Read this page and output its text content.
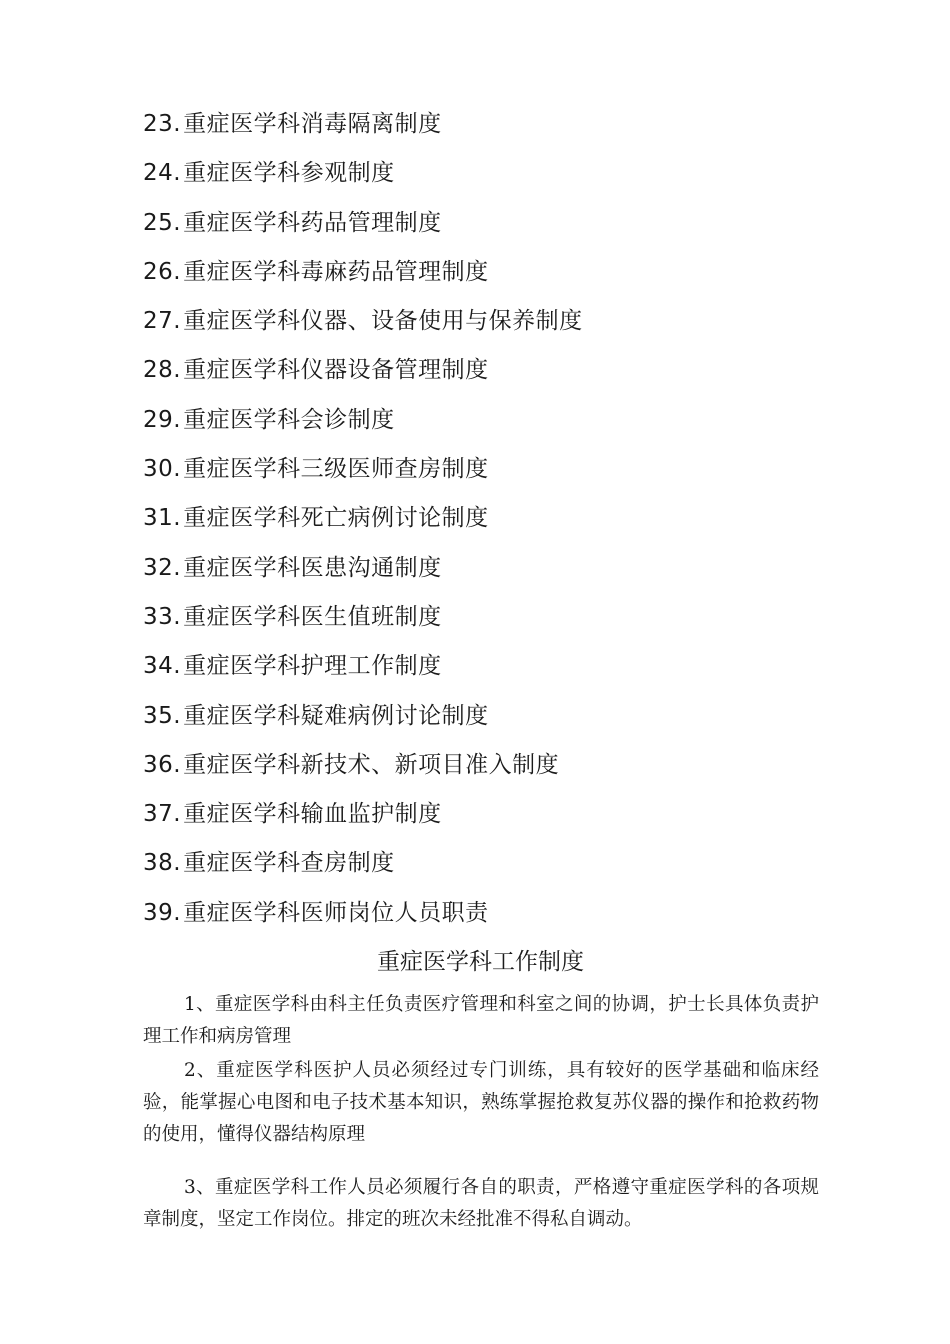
23.重症医学科消毒隔离制度
24.重症医学科参观制度
25.重症医学科药品管理制度
26.重症医学科毒麻药品管理制度
27.重症医学科仪器、设备使用与保养制度
28.重症医学科仪器设备管理制度
29.重症医学科会诊制度
30.重症医学科三级医师查房制度
31.重症医学科死亡病例讨论制度
32.重症医学科医患沟通制度
33.重症医学科医生值班制度
34.重症医学科护理工作制度
35.重症医学科疑难病例讨论制度
36.重症医学科新技术、新项目准入制度
37.重症医学科输血监护制度
38.重症医学科查房制度
39.重症医学科医师岗位人员职责
重症医学科工作制度

1、重症医学科由科主任负责医疗管理和科室之间的协调，护士长具体负责护理工作和病房管理

2、重症医学科医护人员必须经过专门训练，具有较好的医学基础和临床经验，能掌握心电图和电子技术基本知识，熟练掌握抢救复苏仪器的操作和抢救药物的使用，懂得仪器结构原理

3、重症医学科工作人员必须履行各自的职责，严格遵守重症医学科的各项规章制度，坚定工作岗位。排定的班次未经批准不得私自调动。
